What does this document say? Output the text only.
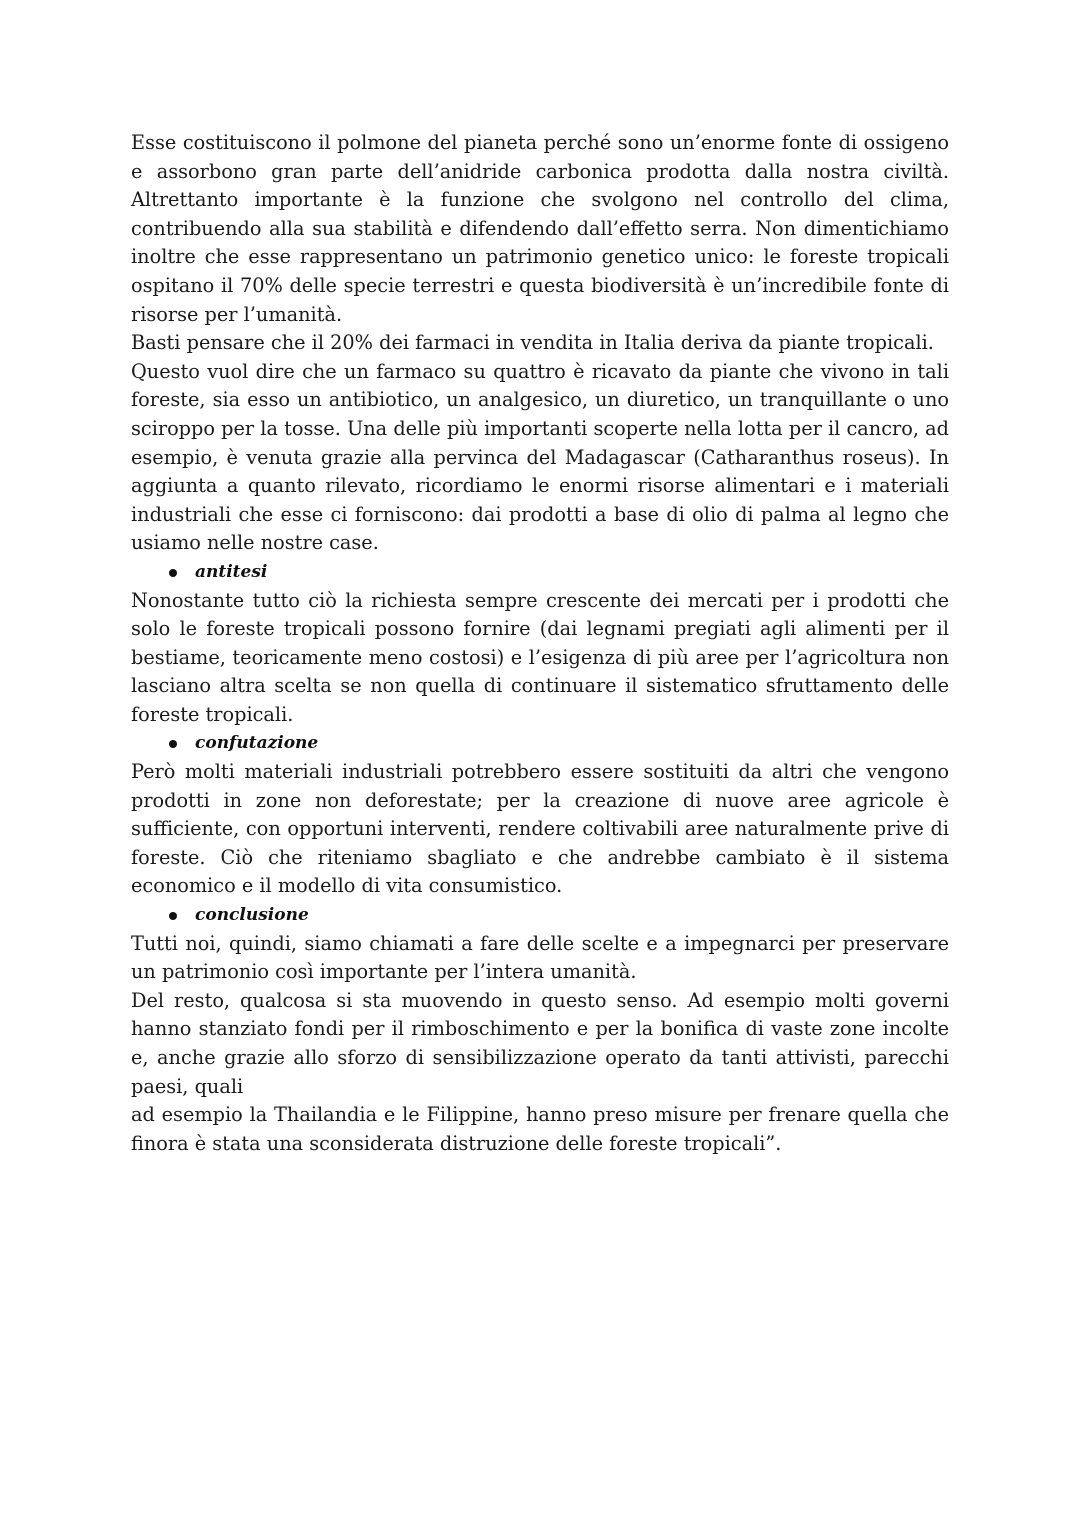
Esse costituiscono il polmone del pianeta perché sono un’enorme fonte di ossigeno e assorbono gran parte dell’anidride carbonica prodotta dalla nostra civiltà. Altrettanto importante è la funzione che svolgono nel controllo del clima, contribuendo alla sua stabilità e difendendo dall’effetto serra. Non dimentichiamo inoltre che esse rappresentano un patrimonio genetico unico: le foreste tropicali ospitano il 70% delle specie terrestri e questa biodiversità è un’incredibile fonte di risorse per l’umanità.

Basti pensare che il 20% dei farmaci in vendita in Italia deriva da piante tropicali.

Questo vuol dire che un farmaco su quattro è ricavato da piante che vivono in tali foreste, sia esso un antibiotico, un analgesico, un diuretico, un tranquillante o uno sciroppo per la tosse. Una delle più importanti scoperte nella lotta per il cancro, ad esempio, è venuta grazie alla pervinca del Madagascar (Catharanthus roseus). In aggiunta a quanto rilevato, ricordiamo le enormi risorse alimentari e i materiali industriali che esse ci forniscono: dai prodotti a base di olio di palma al legno che usiamo nelle nostre case.

antitesi

Nonostante tutto ciò la richiesta sempre crescente dei mercati per i prodotti che solo le foreste tropicali possono fornire (dai legnami pregiati agli alimenti per il bestiame, teoricamente meno costosi) e l’esigenza di più aree per l’agricoltura non lasciano altra scelta se non quella di continuare il sistematico sfruttamento delle foreste tropicali.

confutazione

Però molti materiali industriali potrebbero essere sostituiti da altri che vengono prodotti in zone non deforestate; per la creazione di nuove aree agricole è sufficiente, con opportuni interventi, rendere coltivabili aree naturalmente prive di foreste. Ciò che riteniamo sbagliato e che andrebbe cambiato è il sistema economico e il modello di vita consumistico.

conclusione

Tutti noi, quindi, siamo chiamati a fare delle scelte e a impegnarci per preservare un patrimonio così importante per l’intera umanità.

Del resto, qualcosa si sta muovendo in questo senso. Ad esempio molti governi hanno stanziato fondi per il rimboschimento e per la bonifica di vaste zone incolte e, anche grazie allo sforzo di sensibilizzazione operato da tanti attivisti, parecchi paesi, quali

ad esempio la Thailandia e le Filippine, hanno preso misure per frenare quella che finora è stata una sconsiderata distruzione delle foreste tropicali”.
